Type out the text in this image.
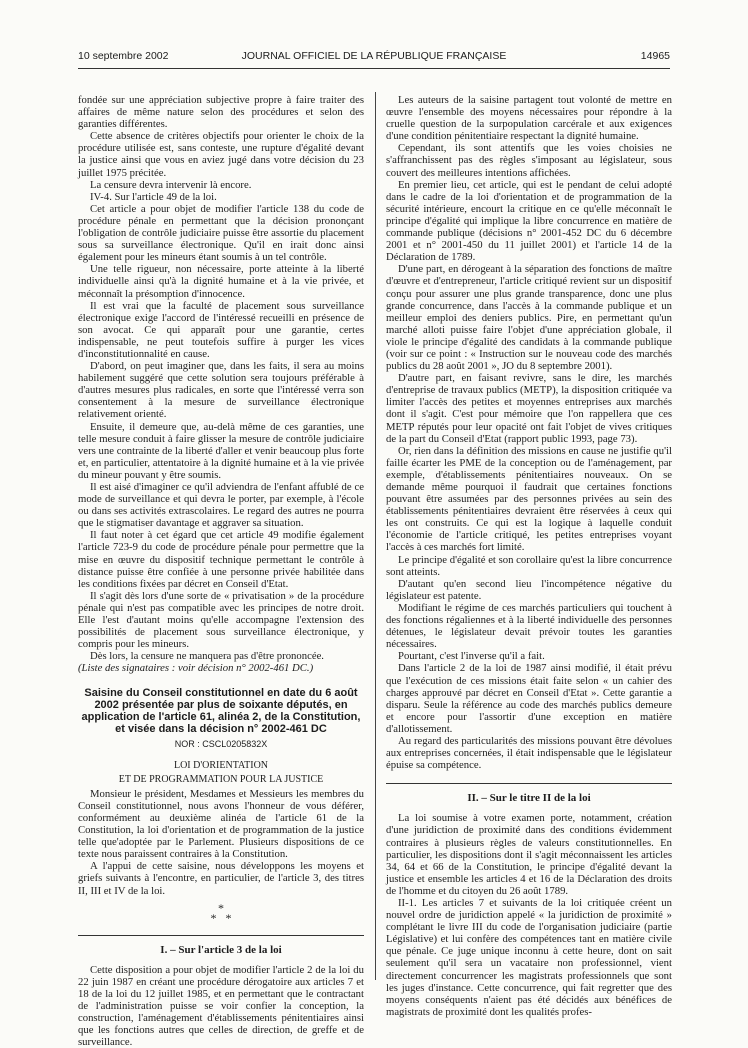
10 septembre 2002	JOURNAL OFFICIEL DE LA RÉPUBLIQUE FRANÇAISE	14965

fondée sur une appréciation subjective propre à faire traiter des affaires de même nature selon des procédures et selon des garanties différentes.

Cette absence de critères objectifs pour orienter le choix de la procédure utilisée est, sans conteste, une rupture d'égalité devant la justice ainsi que vous en aviez jugé dans votre décision du 23 juillet 1975 précitée.

La censure devra intervenir là encore.

IV-4. Sur l'article 49 de la loi.

Cet article a pour objet de modifier l'article 138 du code de procédure pénale en permettant que la décision prononçant l'obligation de contrôle judiciaire puisse être assortie du placement sous sa surveillance électronique. Qu'il en irait donc ainsi également pour les mineurs étant soumis à un tel contrôle.

Une telle rigueur, non nécessaire, porte atteinte à la liberté individuelle ainsi qu'à la dignité humaine et à la vie privée, et méconnaît la présomption d'innocence.

Il est vrai que la faculté de placement sous surveillance électronique exige l'accord de l'intéressé recueilli en présence de son avocat. Ce qui apparaît pour une garantie, certes indispensable, ne peut toutefois suffire à purger les vices d'inconstitutionnalité en cause.

D'abord, on peut imaginer que, dans les faits, il sera au moins habilement suggéré que cette solution sera toujours préférable à d'autres mesures plus radicales, en sorte que l'intéressé verra son consentement à la mesure de surveillance électronique relativement orienté.

Ensuite, il demeure que, au-delà même de ces garanties, une telle mesure conduit à faire glisser la mesure de contrôle judiciaire vers une contrainte de la liberté d'aller et venir beaucoup plus forte et, en particulier, attentatoire à la dignité humaine et à la vie privée du mineur pouvant y être soumis.

Il est aisé d'imaginer ce qu'il adviendra de l'enfant affublé de ce mode de surveillance et qui devra le porter, par exemple, à l'école ou dans ses activités extrascolaires. Le regard des autres ne pourra que le stigmatiser davantage et aggraver sa situation.

Il faut noter à cet égard que cet article 49 modifie également l'article 723-9 du code de procédure pénale pour permettre que la mise en œuvre du dispositif technique permettant le contrôle à distance puisse être confiée à une personne privée habilitée dans les conditions fixées par décret en Conseil d'Etat.

Il s'agit dès lors d'une sorte de « privatisation » de la procédure pénale qui n'est pas compatible avec les principes de notre droit. Elle l'est d'autant moins qu'elle accompagne l'extension des possibilités de placement sous surveillance électronique, y compris pour les mineurs.

Dès lors, la censure ne manquera pas d'être prononcée.

(Liste des signataires : voir décision n° 2002-461 DC.)

Saisine du Conseil constitutionnel en date du 6 août 2002 présentée par plus de soixante députés, en application de l'article 61, alinéa 2, de la Constitution, et visée dans la décision n° 2002-461 DC
NOR : CSCL0205832X
LOI D'ORIENTATION
ET DE PROGRAMMATION POUR LA JUSTICE

Monsieur le président, Mesdames et Messieurs les membres du Conseil constitutionnel, nous avons l'honneur de vous déférer, conformément au deuxième alinéa de l'article 61 de la Constitution, la loi d'orientation et de programmation de la justice telle que'adoptée par le Parlement. Plusieurs dispositions de ce texte nous paraissent contraires à la Constitution.

A l'appui de cette saisine, nous développons les moyens et griefs suivants à l'encontre, en particulier, de l'article 3, des titres II, III et IV de la loi.

*
*   *
I. – Sur l'article 3 de la loi

Cette disposition a pour objet de modifier l'article 2 de la loi du 22 juin 1987 en créant une procédure dérogatoire aux articles 7 et 18 de la loi du 12 juillet 1985, et en permettant que le contractant de l'administration puisse se voir confier la conception, la construction, l'aménagement d'établissements pénitentiaires ainsi que les fonctions autres que celles de direction, de greffe et de surveillance.

Les auteurs de la saisine partagent tout volonté de mettre en œuvre l'ensemble des moyens nécessaires pour répondre à la cruelle question de la surpopulation carcérale et aux exigences d'une condition pénitentiaire respectant la dignité humaine.

Cependant, ils sont attentifs que les voies choisies ne s'affranchissent pas des règles s'imposant au législateur, sous couvert des meilleures intentions affichées.

En premier lieu, cet article, qui est le pendant de celui adopté dans le cadre de la loi d'orientation et de programmation de la sécurité intérieure, encourt la critique en ce qu'elle méconnaît le principe d'égalité qui implique la libre concurrence en matière de commande publique (décisions n° 2001-452 DC du 6 décembre 2001 et n° 2001-450 du 11 juillet 2001) et l'article 14 de la Déclaration de 1789.

D'une part, en dérogeant à la séparation des fonctions de maître d'œuvre et d'entrepreneur, l'article critiqué revient sur un dispositif conçu pour assurer une plus grande transparence, donc une plus grande concurrence, dans l'accès à la commande publique et un meilleur emploi des deniers publics. Pire, en permettant qu'un marché alloti puisse faire l'objet d'une appréciation globale, il viole le principe d'égalité des candidats à la commande publique (voir sur ce point : « Instruction sur le nouveau code des marchés publics du 28 août 2001 », JO du 8 septembre 2001).

D'autre part, en faisant revivre, sans le dire, les marchés d'entreprise de travaux publics (METP), la disposition critiquée va limiter l'accès des petites et moyennes entreprises aux marchés dont il s'agit. C'est pour mémoire que l'on rappellera que ces METP réputés pour leur opacité ont fait l'objet de vives critiques de la part du Conseil d'Etat (rapport public 1993, page 73).

Or, rien dans la définition des missions en cause ne justifie qu'il faille écarter les PME de la conception ou de l'aménagement, par exemple, d'établissements pénitentiaires nouveaux. On se demande même pourquoi il faudrait que certaines fonctions pouvant être assumées par des personnes privées au sein des établissements pénitentiaires devraient être réservées à ceux qui les ont construits. Ce qui est la logique à laquelle conduit l'économie de l'article critiqué, les petites entreprises voyant l'accès à ces marchés fort limité.

Le principe d'égalité et son corollaire qu'est la libre concurrence sont atteints.

D'autant qu'en second lieu l'incompétence négative du législateur est patente.

Modifiant le régime de ces marchés particuliers qui touchent à des fonctions régaliennes et à la liberté individuelle des personnes détenues, le législateur devait prévoir toutes les garanties nécessaires.

Pourtant, c'est l'inverse qu'il a fait.

Dans l'article 2 de la loi de 1987 ainsi modifié, il était prévu que l'exécution de ces missions était faite selon « un cahier des charges approuvé par décret en Conseil d'Etat ». Cette garantie a disparu. Seule la référence au code des marchés publics demeure et encore pour l'assortir d'une exception en matière d'allotissement.

Au regard des particularités des missions pouvant être dévolues aux entreprises concernées, il était indispensable que le législateur épuise sa compétence.

II. – Sur le titre II de la loi

La loi soumise à votre examen porte, notamment, création d'une juridiction de proximité dans des conditions évidemment contraires à plusieurs règles de valeurs constitutionnelles. En particulier, les dispositions dont il s'agit méconnaissent les articles 34, 64 et 66 de la Constitution, le principe d'égalité devant la justice et ensemble les articles 4 et 16 de la Déclaration des droits de l'homme et du citoyen du 26 août 1789.

II-1. Les articles 7 et suivants de la loi critiquée créent un nouvel ordre de juridiction appelé « la juridiction de proximité » complétant le livre III du code de l'organisation judiciaire (partie Législative) et lui confère des compétences tant en matière civile que pénale. Ce juge unique inconnu à cette heure, dont on sait seulement qu'il sera un vacataire non professionnel, vient directement concurrencer les magistrats professionnels que sont les juges d'instance. Cette concurrence, qui fait regretter que des moyens conséquents n'aient pas été décidés aux bénéfices de magistrats de proximité dont les qualités profes-
